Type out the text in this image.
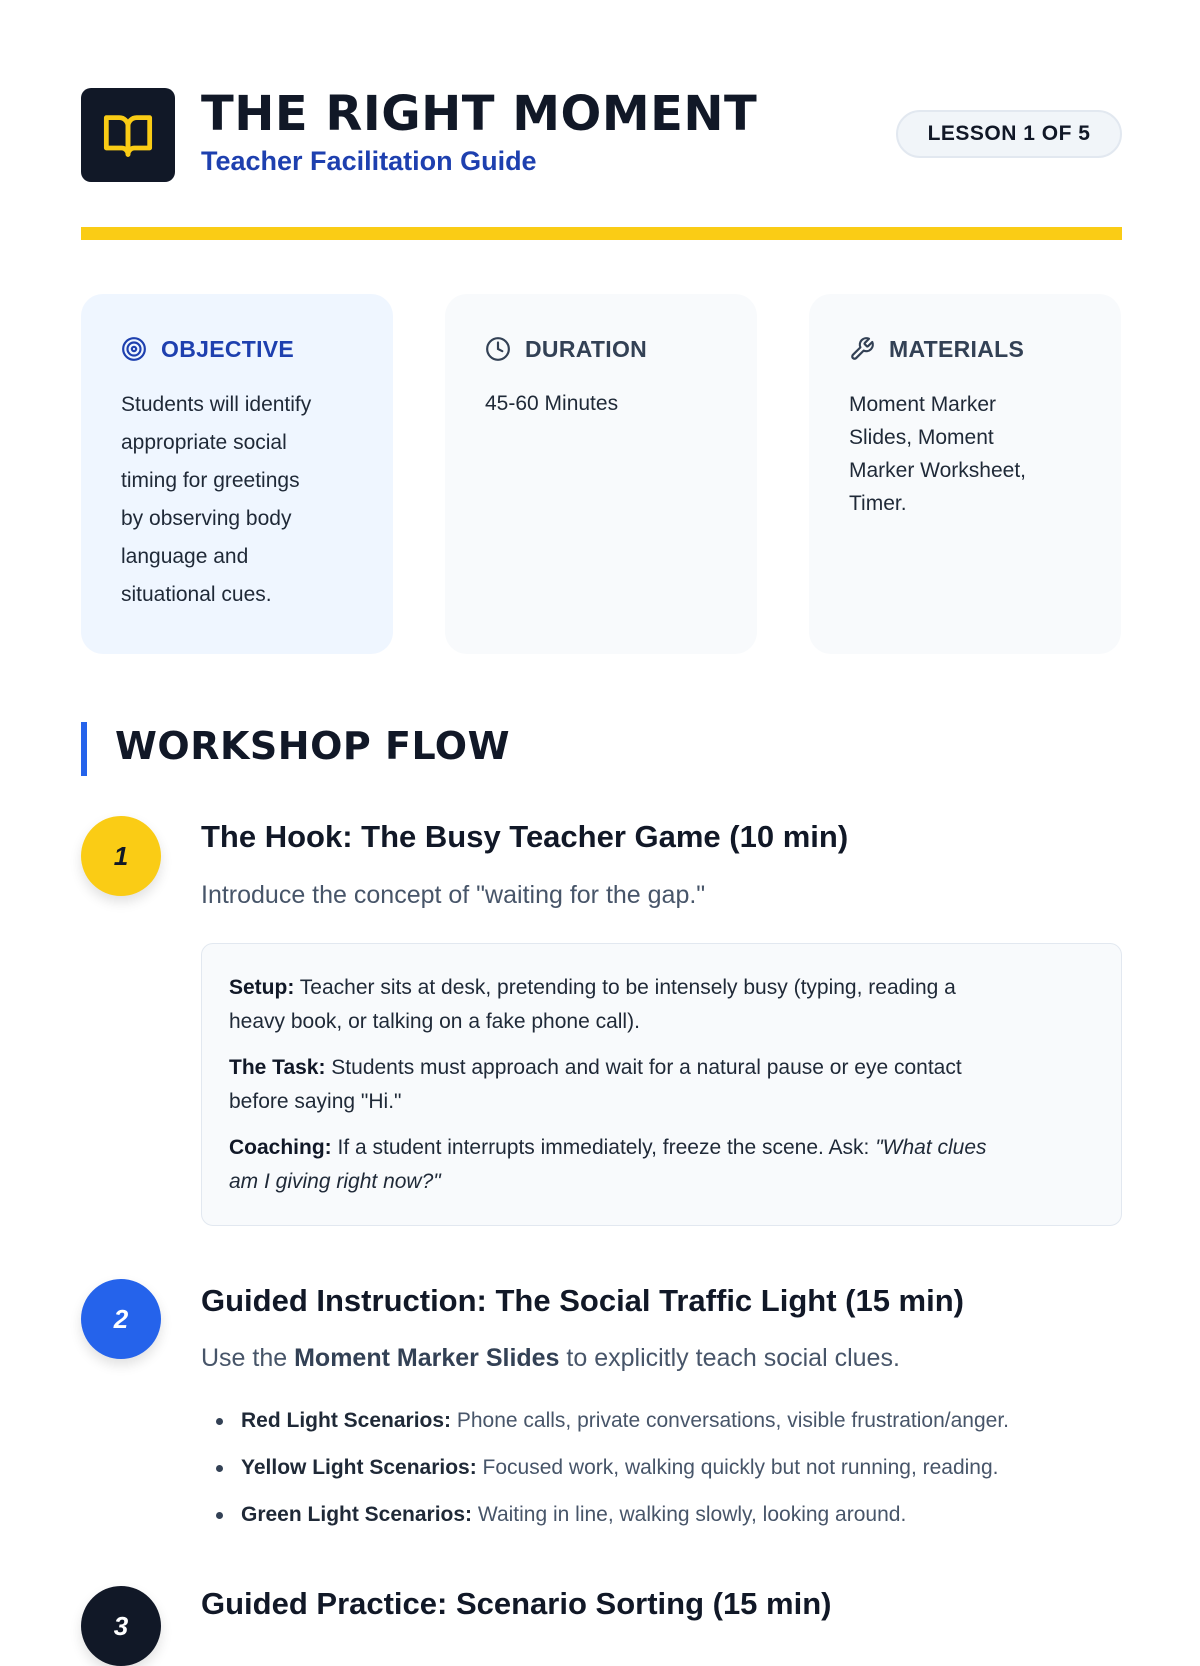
THE RIGHT MOMENT
Teacher Facilitation Guide
LESSON 1 OF 5
OBJECTIVE
Students will identify
appropriate social
timing for greetings
by observing body
language and
situational cues.
DURATION
45-60 Minutes
MATERIALS
Moment Marker
Slides, Moment
Marker Worksheet,
Timer.
WORKSHOP FLOW
1
The Hook: The Busy Teacher Game (10 min)
Introduce the concept of "waiting for the gap."

Setup: Teacher sits at desk, pretending to be intensely busy (typing, reading a
heavy book, or talking on a fake phone call).

The Task: Students must approach and wait for a natural pause or eye contact
before saying "Hi."

Coaching: If a student interrupts immediately, freeze the scene. Ask: "What clues
am I giving right now?"

2
Guided Instruction: The Social Traffic Light (15 min)
Use the Moment Marker Slides to explicitly teach social clues.
Red Light Scenarios: Phone calls, private conversations, visible frustration/anger.
Yellow Light Scenarios: Focused work, walking quickly but not running, reading.
Green Light Scenarios: Waiting in line, walking slowly, looking around.
3
Guided Practice: Scenario Sorting (15 min)
